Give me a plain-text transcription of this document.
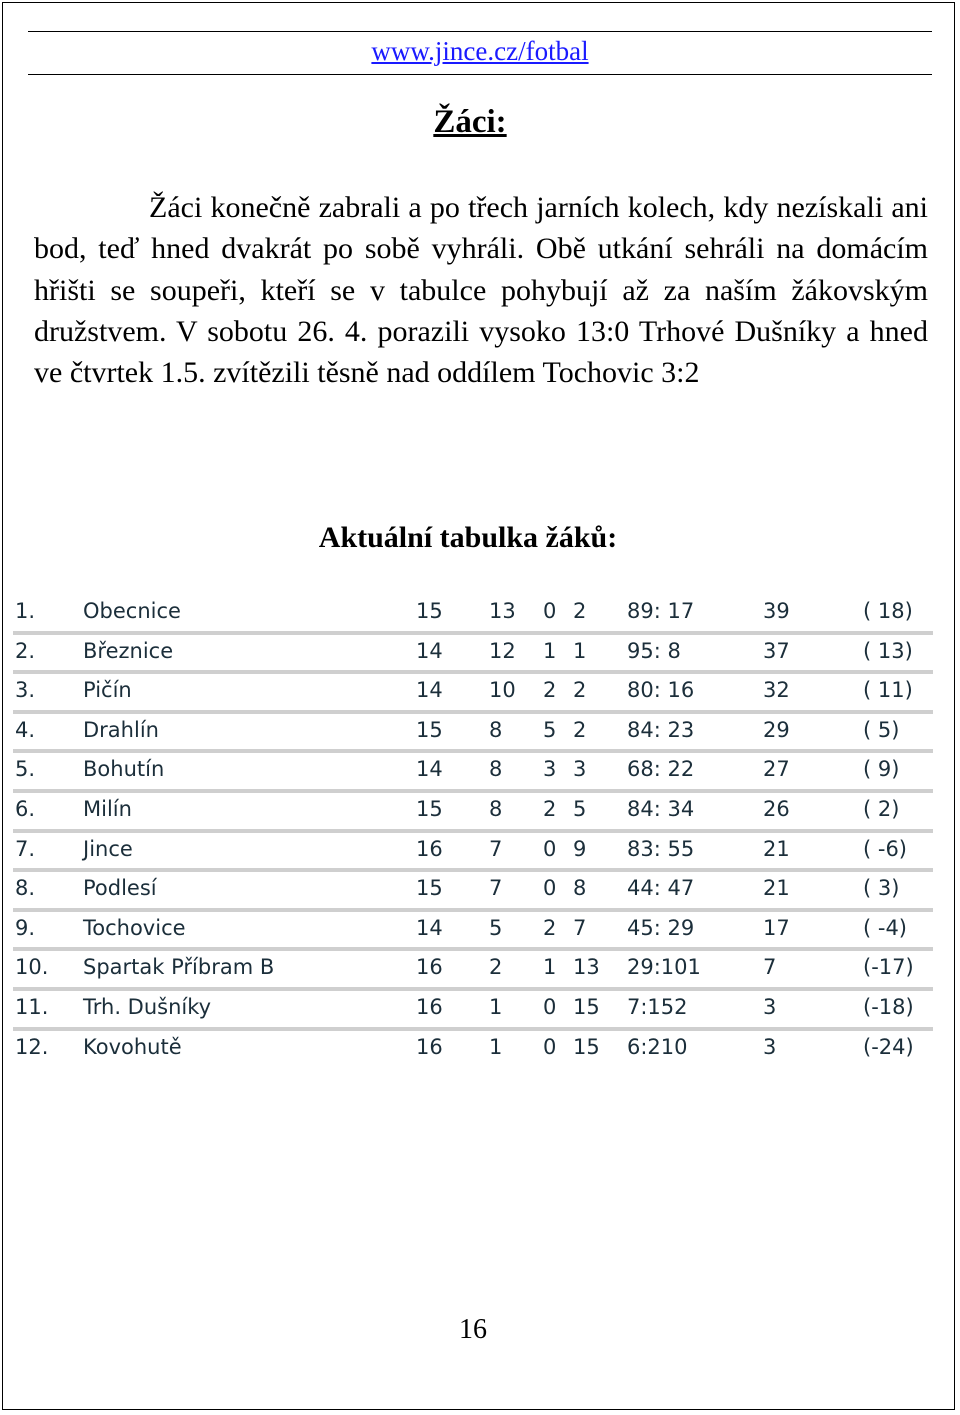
www.jince.cz/fotbal
Žáci:
Žáci konečně zabrali a po třech jarních kolech, kdy nezískali ani bod, teď hned dvakrát po sobě vyhráli. Obě utkání sehráli na domácím hřišti se soupeři, kteří se v tabulce pohybují až za naším žákovským družstvem. V sobotu 26. 4. porazili vysoko 13:0 Trhové Dušníky a hned ve čtvrtek 1.5. zvítězili těsně nad oddílem Tochovic 3:2
Aktuální tabulka žáků:
1. Obecnice	15 13 0 2 89: 17	39	( 18)
2. Březnice	14 12 1 1 95: 8	37	( 13)
3. Pičín	14 10 2 2 80: 16	32	( 11)
4. Drahlín	15 8 5 2 84: 23	29	( 5)
5. Bohutín	14 8 3 3 68: 22	27	( 9)
6. Milín	15 8 2 5 84: 34	26	( 2)
7. Jince	16 7 0 9 83: 55	21	( -6)
8. Podlesí	15 7 0 8 44: 47	21	( 3)
9. Tochovice	14 5 2 7 45: 29	17	( -4)
10. Spartak Příbram B	16 2 1 13 29:101	7	(-17)
11. Trh. Dušníky	16 1 0 15 7:152	3	(-18)
12. Kovohutě	16 1 0 15 6:210	3	(-24)
16
